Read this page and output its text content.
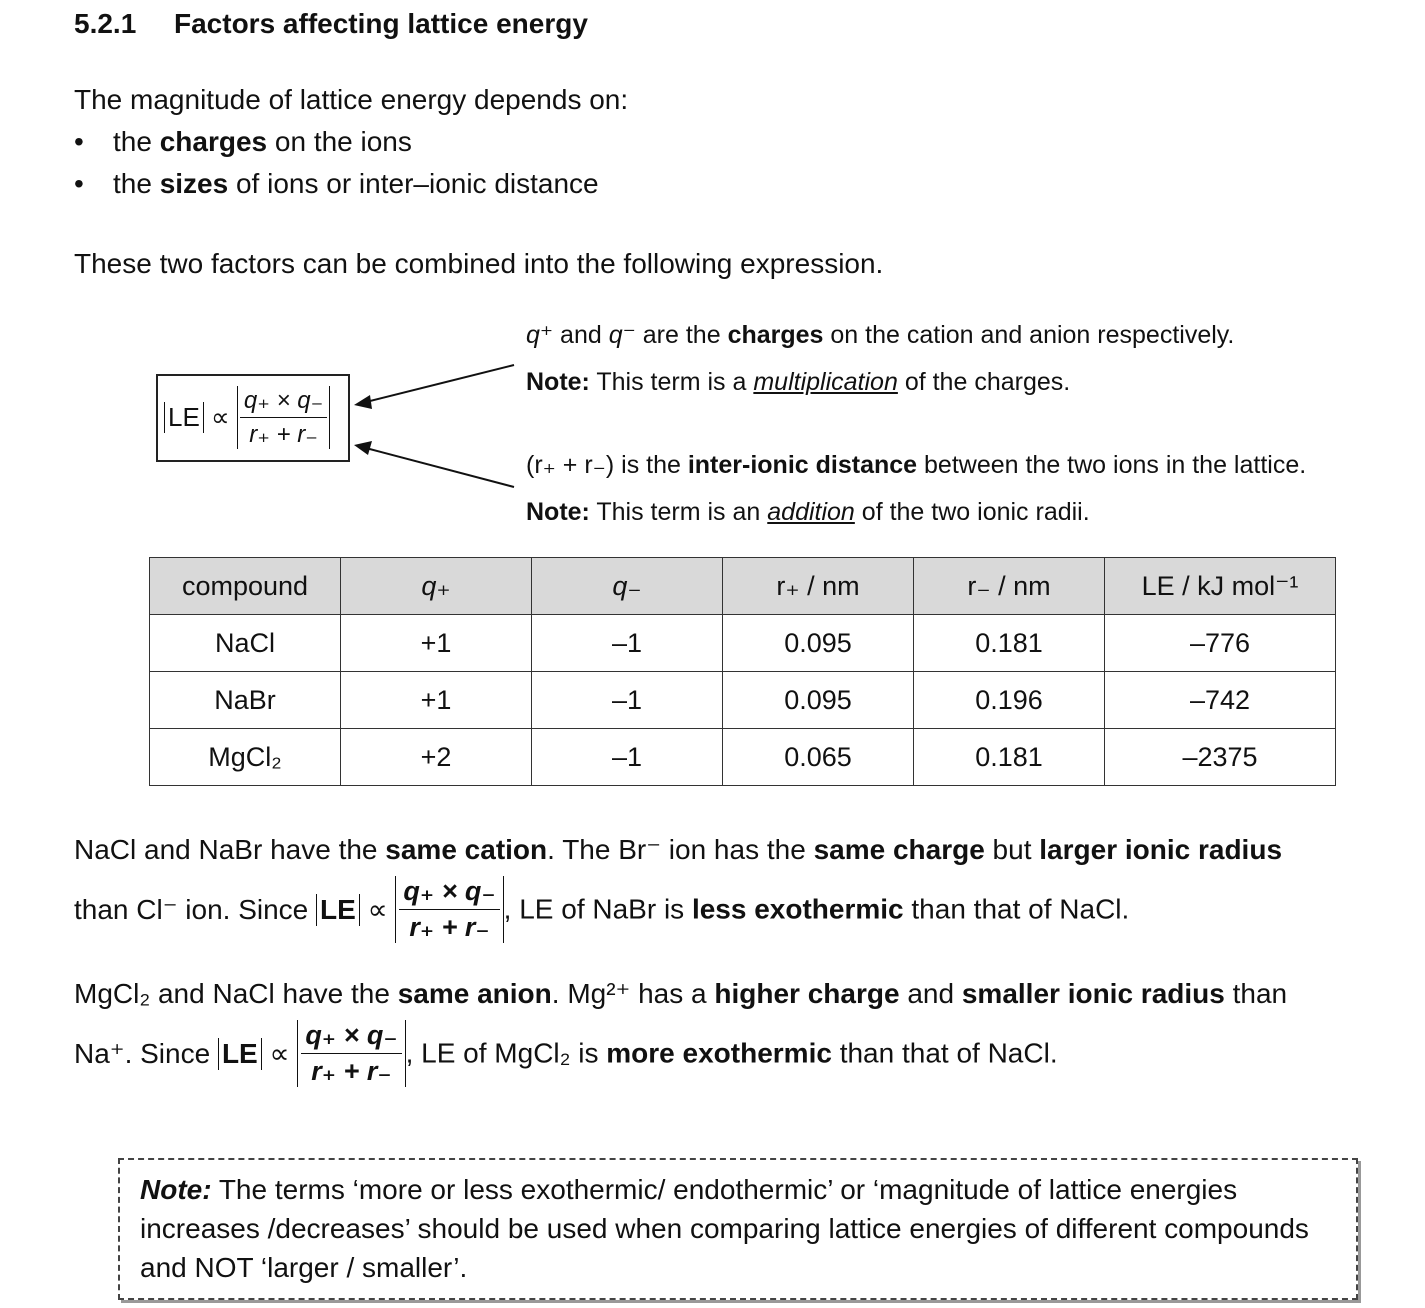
5.2.1 Factors affecting lattice energy
The magnitude of lattice energy depends on:
• the charges on the ions
• the sizes of ions or inter–ionic distance
These two factors can be combined into the following expression.
LE ∝ $\frac{q_+ \times q_-}{r_+ + r_-}$
q⁺ and q⁻ are the charges on the cation and anion respectively.
Note: This term is a multiplication of the charges.
(r₊ + r₋) is the inter-ionic distance between the two ions in the lattice.
Note: This term is an addition of the two ionic radii.
compound	q₊	q₋	r₊ / nm	r₋ / nm	LE / kJ mol⁻¹
NaCl	+1	–1	0.095	0.181	–776
NaBr	+1	–1	0.095	0.196	–742
MgCl₂	+2	–1	0.065	0.181	–2375
NaCl and NaBr have the same cation. The Br⁻ ion has the same charge but larger ionic radius
than Cl⁻ ion. Since LE ∝ $\frac{q_+ \times q_-}{r_+ + r_-}$ , LE of NaBr is less exothermic than that of NaCl.
MgCl₂ and NaCl have the same anion. Mg²⁺ has a higher charge and smaller ionic radius than
Na⁺. Since LE ∝ $\frac{q_+ \times q_-}{r_+ + r_-}$ , LE of MgCl₂ is more exothermic than that of NaCl.
Note: The terms ‘more or less exothermic/ endothermic’ or ‘magnitude of lattice energies increases /decreases’ should be used when comparing lattice energies of different compounds and NOT ‘larger / smaller’.
